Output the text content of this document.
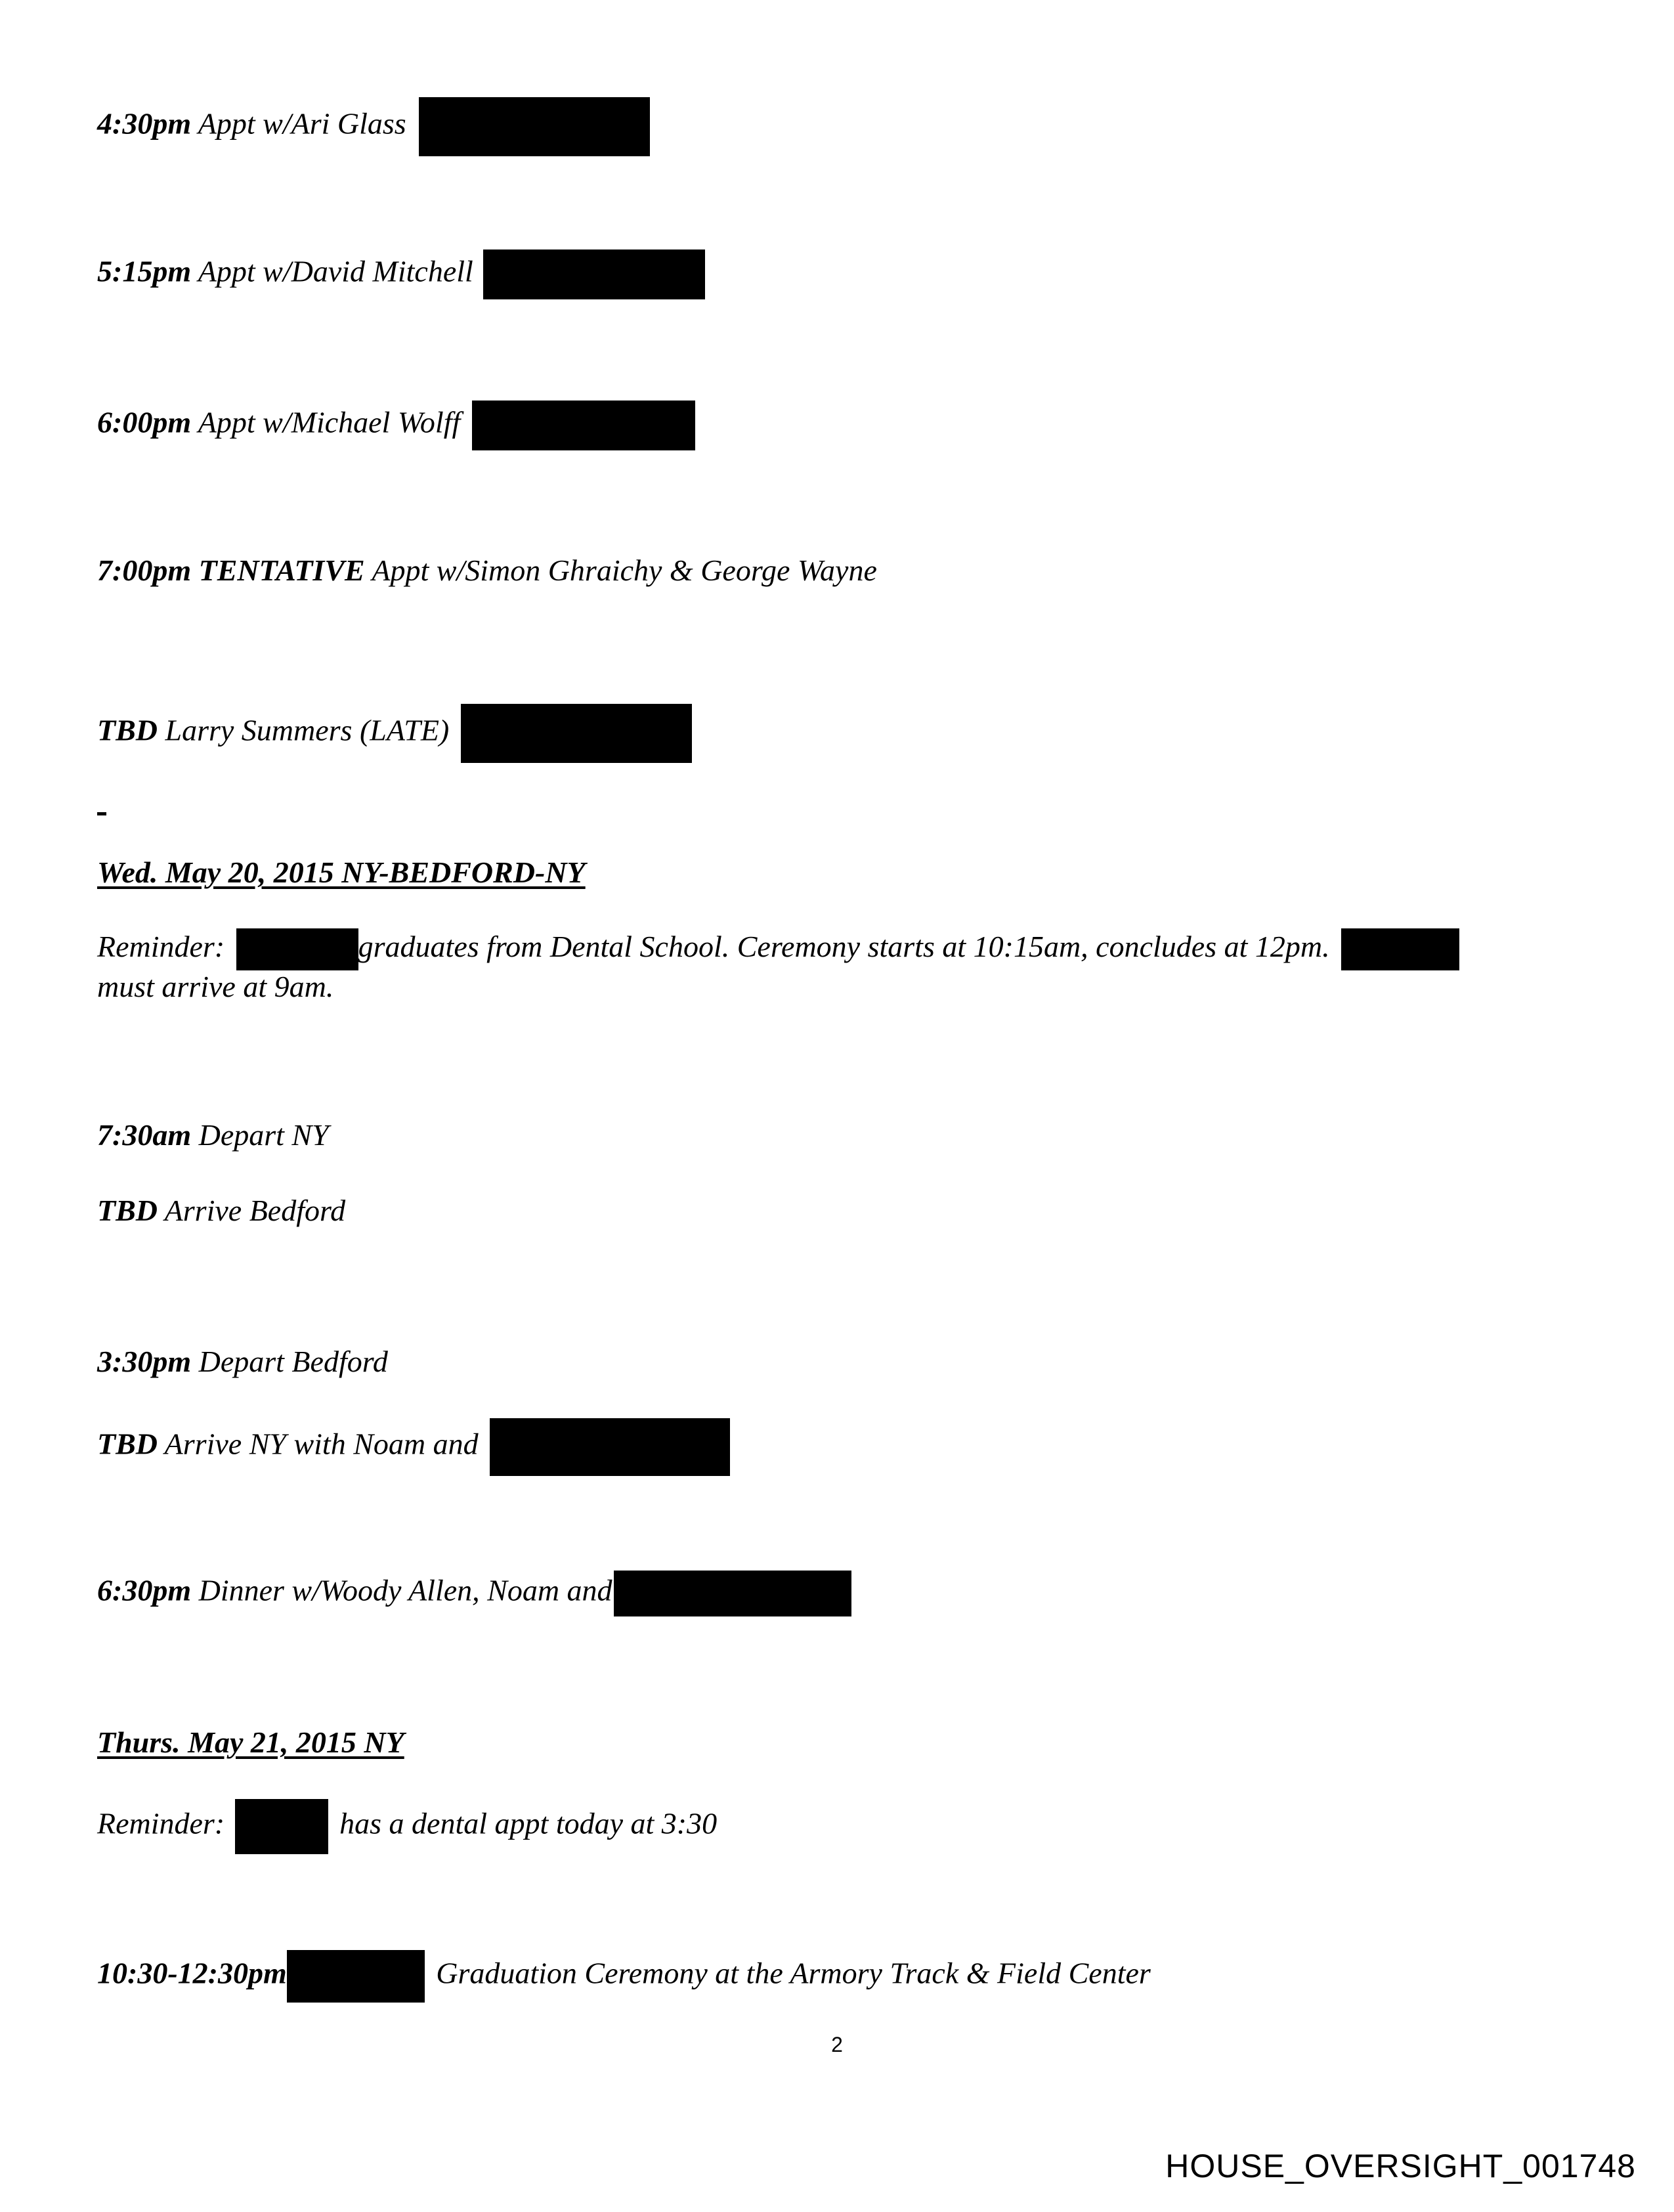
4:30pm Appt w/Ari Glass
5:15pm Appt w/David Mitchell
6:00pm Appt w/Michael Wolff
7:00pm TENTATIVE Appt w/Simon Ghraichy & George Wayne
TBD Larry Summers (LATE)
Wed. May 20, 2015 NY-BEDFORD-NY
Reminder:	graduates from Dental School. Ceremony starts at 10:15am, concludes at 12pm.
must arrive at 9am.
7:30am Depart NY
TBD Arrive Bedford
3:30pm Depart Bedford
TBD Arrive NY with Noam and
6:30pm Dinner w/Woody Allen, Noam and
Thurs. May 21, 2015 NY
Reminder:	has a dental appt today at 3:30
10:30-12:30pm	Graduation Ceremony at the Armory Track & Field Center
2
HOUSE_OVERSIGHT_001748
